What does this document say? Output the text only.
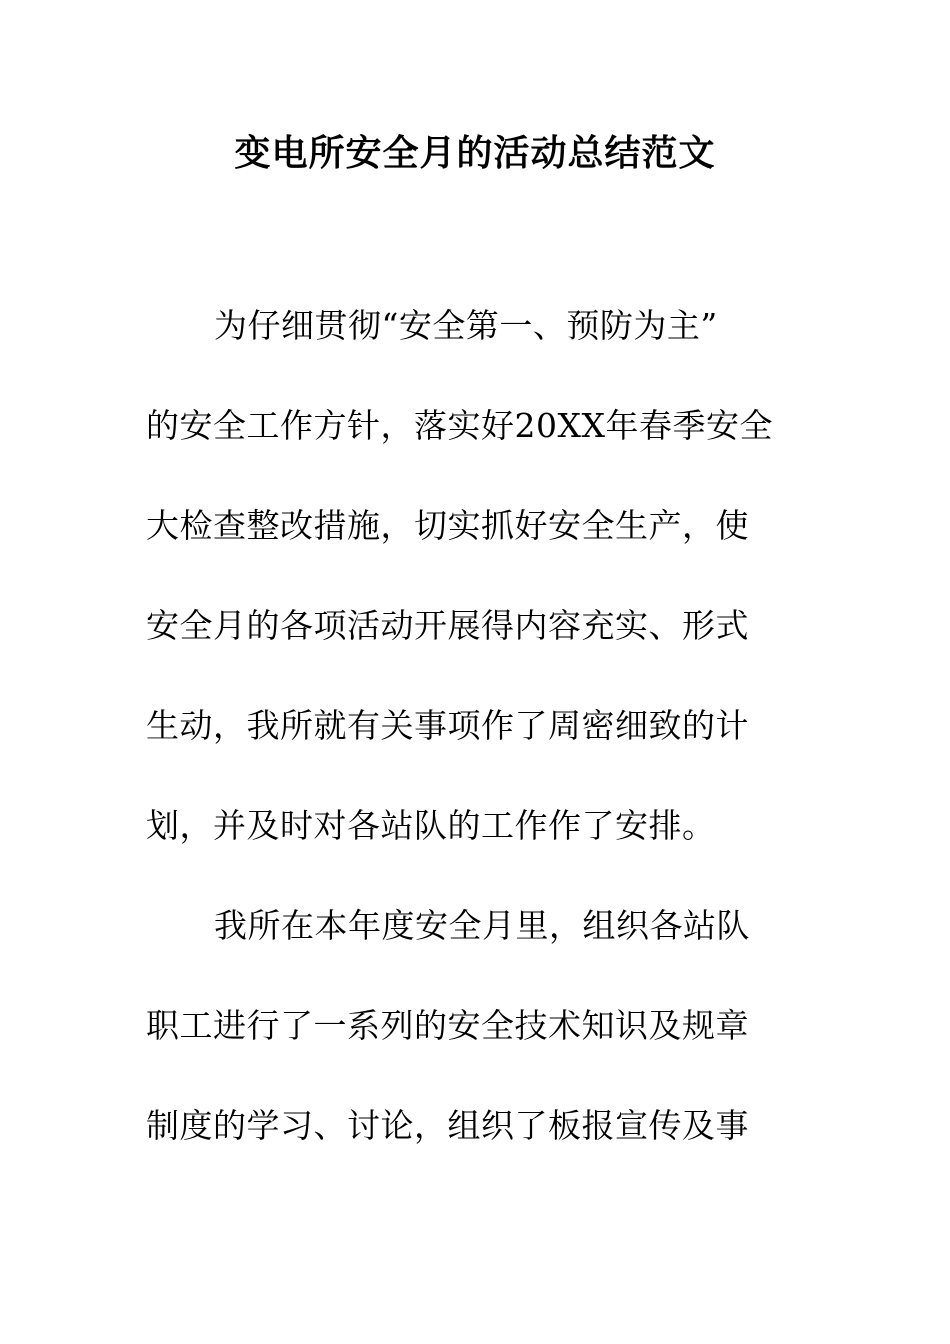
变电所安全月的活动总结范文
为仔细贯彻“安全第一、预防为主”
的安全工作方针，落实好20XX年春季安全
大检查整改措施，切实抓好安全生产，使
安全月的各项活动开展得内容充实、形式
生动，我所就有关事项作了周密细致的计
划，并及时对各站队的工作作了安排。
我所在本年度安全月里，组织各站队
职工进行了一系列的安全技术知识及规章
制度的学习、讨论，组织了板报宣传及事
